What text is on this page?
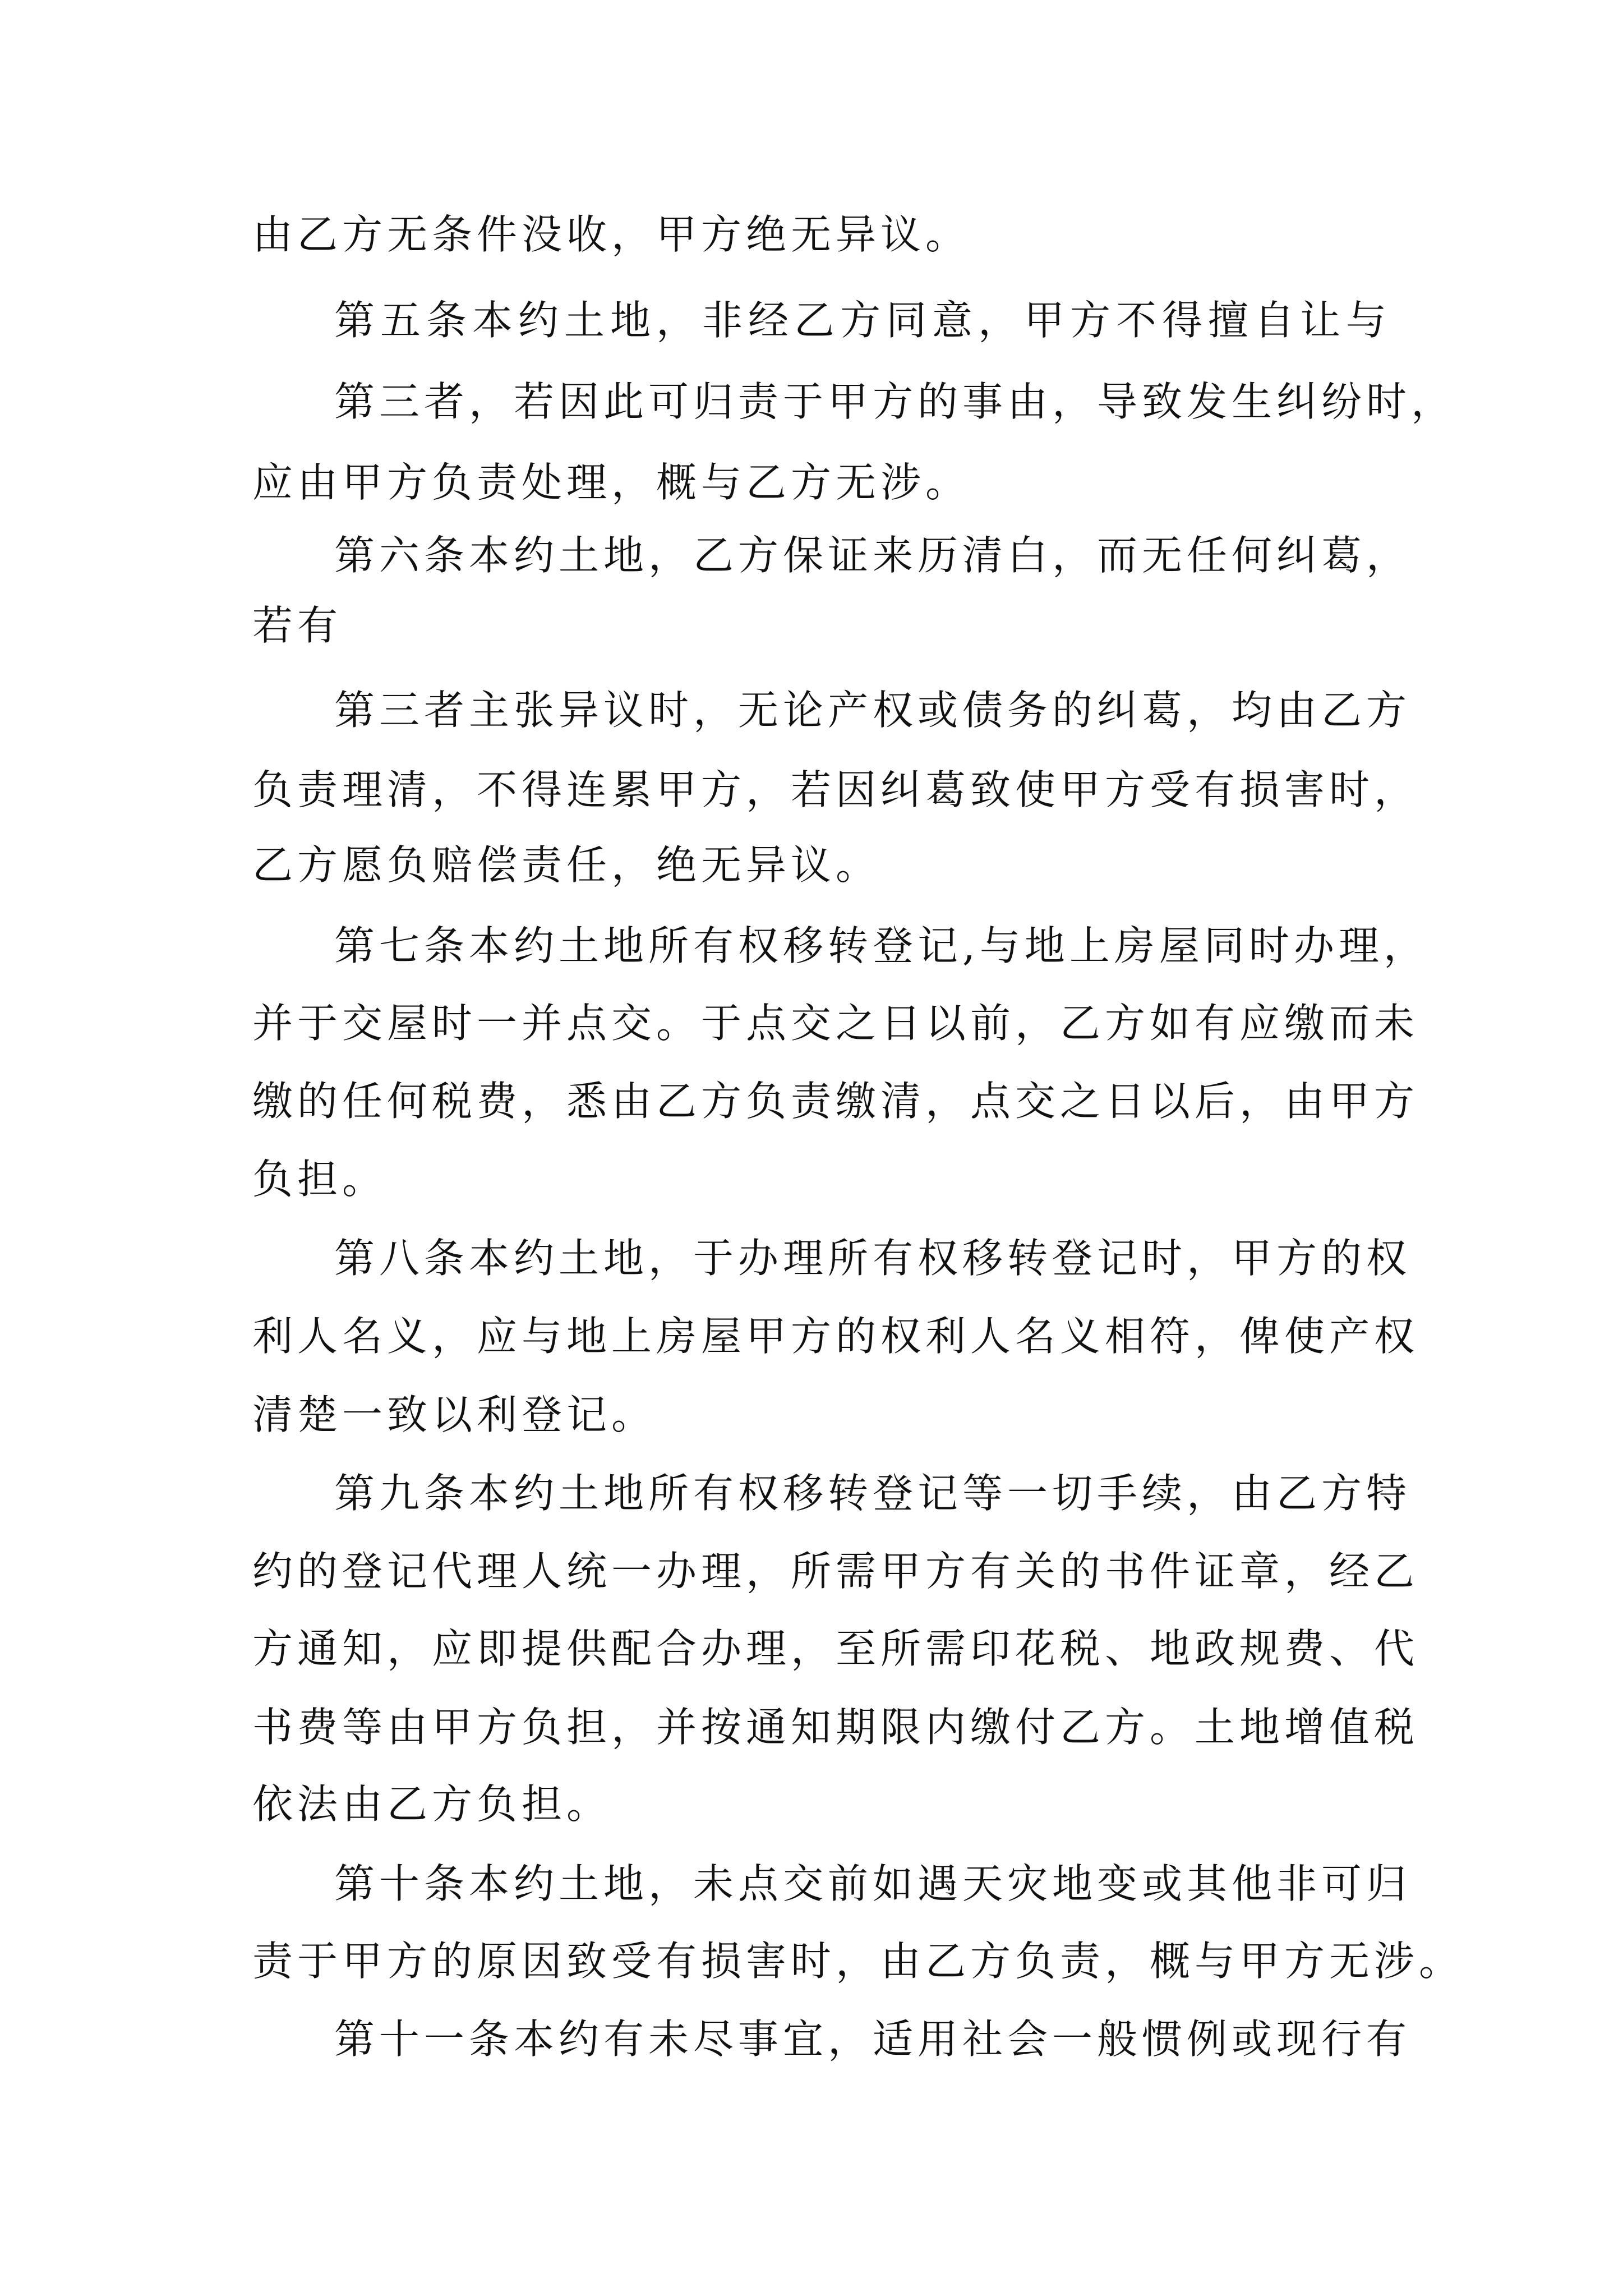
由乙方无条件没收，甲方绝无异议。

第五条本约土地，非经乙方同意，甲方不得擅自让与

第三者，若因此可归责于甲方的事由，导致发生纠纷时，

应由甲方负责处理，概与乙方无涉。

第六条本约土地，乙方保证来历清白，而无任何纠葛，

若有

第三者主张异议时，无论产权或债务的纠葛，均由乙方

负责理清，不得连累甲方，若因纠葛致使甲方受有损害时，

乙方愿负赔偿责任，绝无异议。

第七条本约土地所有权移转登记,与地上房屋同时办理，

并于交屋时一并点交。于点交之日以前，乙方如有应缴而未

缴的任何税费，悉由乙方负责缴清，点交之日以后，由甲方

负担。

第八条本约土地，于办理所有权移转登记时，甲方的权

利人名义，应与地上房屋甲方的权利人名义相符，俾使产权

清楚一致以利登记。

第九条本约土地所有权移转登记等一切手续，由乙方特

约的登记代理人统一办理，所需甲方有关的书件证章，经乙

方通知，应即提供配合办理，至所需印花税、地政规费、代

书费等由甲方负担，并按通知期限内缴付乙方。土地增值税

依法由乙方负担。

第十条本约土地，未点交前如遇天灾地变或其他非可归

责于甲方的原因致受有损害时，由乙方负责，概与甲方无涉。

第十一条本约有未尽事宜，适用社会一般惯例或现行有
